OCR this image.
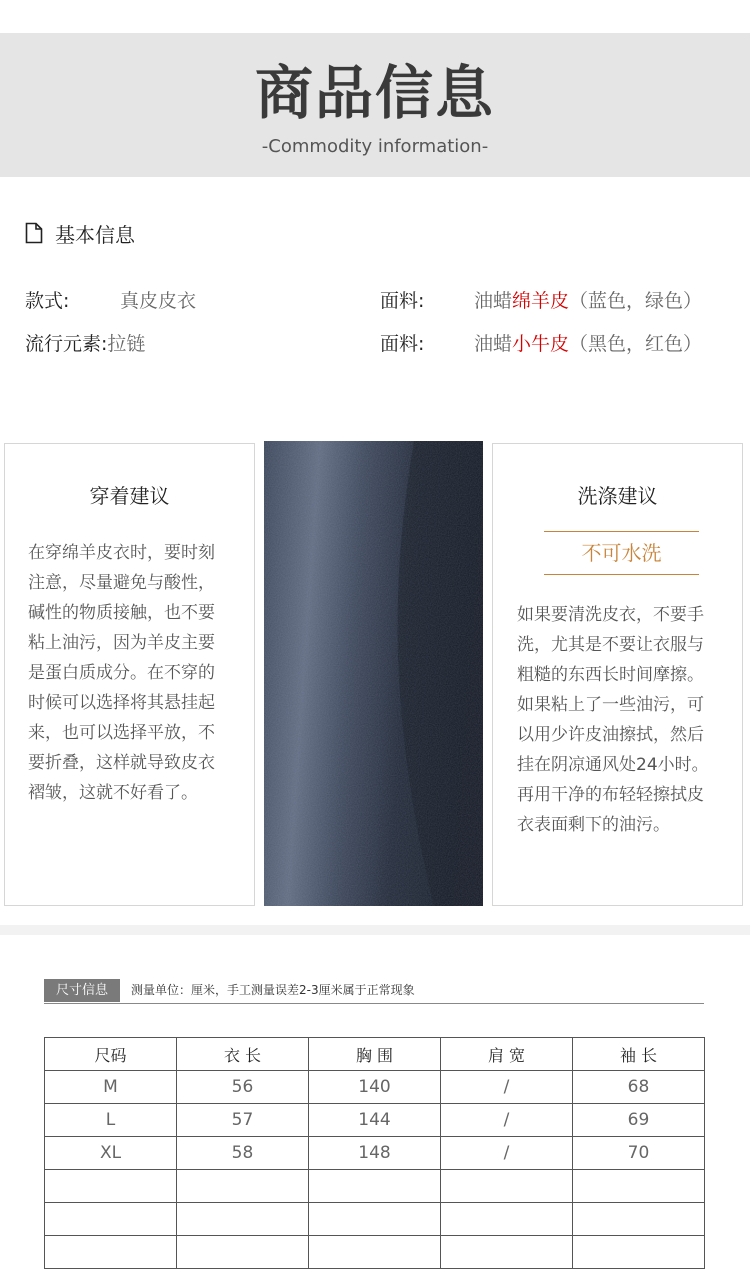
商品信息
-Commodity information-
基本信息
款式:	真皮皮衣
流行元素:拉链
面料:	油蜡绵羊皮（蓝色，绿色）
面料:	油蜡小牛皮（黑色，红色）
穿着建议
在穿绵羊皮衣时，要时刻
注意，尽量避免与酸性，
碱性的物质接触，也不要
粘上油污，因为羊皮主要
是蛋白质成分。在不穿的
时候可以选择将其悬挂起
来，也可以选择平放，不
要折叠，这样就导致皮衣
褶皱，这就不好看了。
洗涤建议
不可水洗
如果要清洗皮衣，不要手
洗，尤其是不要让衣服与
粗糙的东西长时间摩擦。
如果粘上了一些油污，可
以用少许皮油擦拭，然后
挂在阴凉通风处24小时。
再用干净的布轻轻擦拭皮
衣表面剩下的油污。
尺寸信息	测量单位：厘米，手工测量误差2-3厘米属于正常现象
尺码	衣 长	胸 围	肩 宽	袖 长
M	56	140	/	68
L	57	144	/	69
XL	58	148	/	70
